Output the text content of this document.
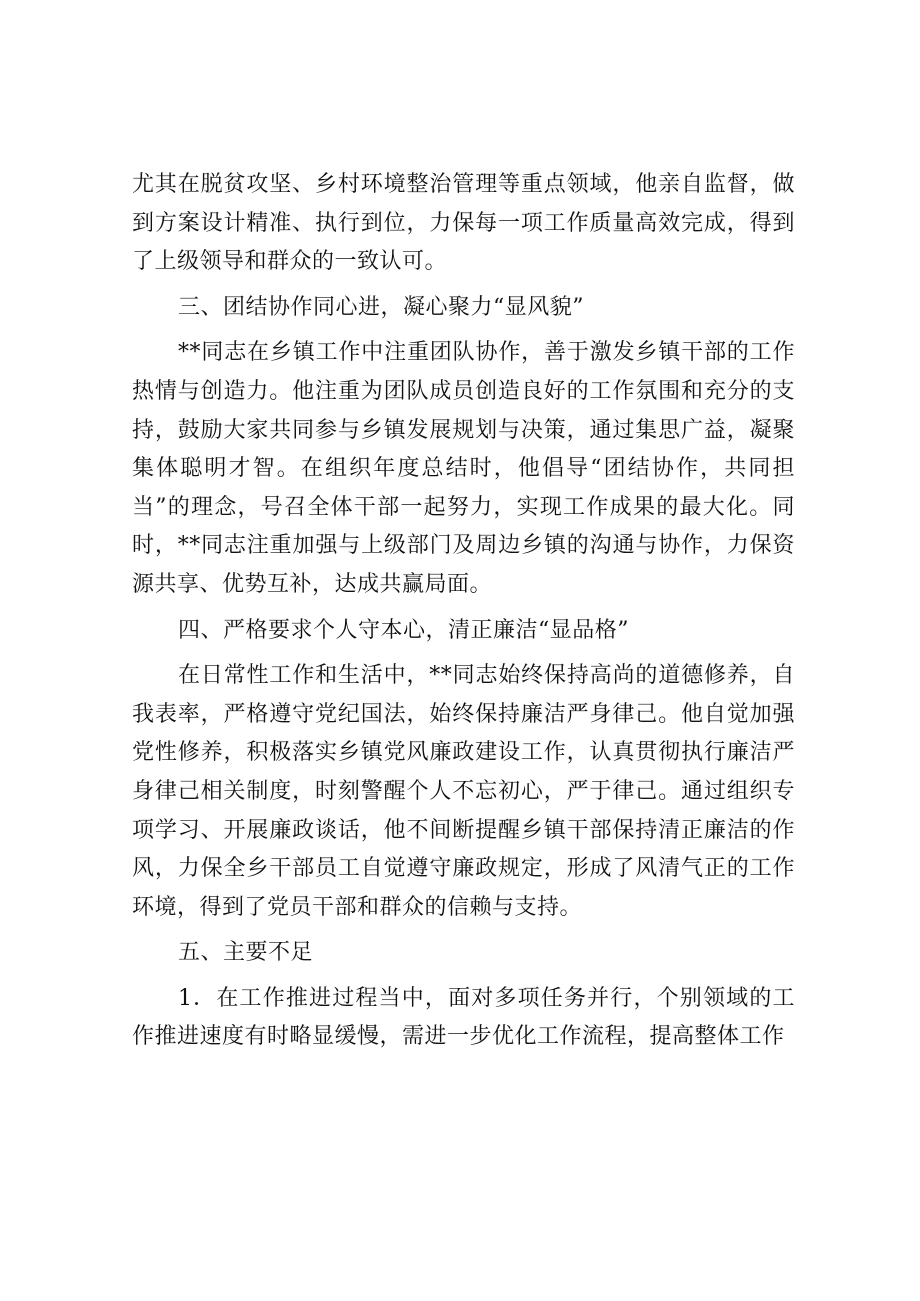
尤其在脱贫攻坚、乡村环境整治管理等重点领域，他亲自监督，做到方案设计精准、执行到位，力保每一项工作质量高效完成，得到了上级领导和群众的一致认可。

三、团结协作同心进，凝心聚力“显风貌”

**同志在乡镇工作中注重团队协作，善于激发乡镇干部的工作热情与创造力。他注重为团队成员创造良好的工作氛围和充分的支持，鼓励大家共同参与乡镇发展规划与决策，通过集思广益，凝聚集体聪明才智。在组织年度总结时，他倡导“团结协作，共同担当”的理念，号召全体干部一起努力，实现工作成果的最大化。同时，**同志注重加强与上级部门及周边乡镇的沟通与协作，力保资源共享、优势互补，达成共赢局面。

四、严格要求个人守本心，清正廉洁“显品格”

在日常性工作和生活中，**同志始终保持高尚的道德修养，自我表率，严格遵守党纪国法，始终保持廉洁严身律己。他自觉加强党性修养，积极落实乡镇党风廉政建设工作，认真贯彻执行廉洁严身律己相关制度，时刻警醒个人不忘初心，严于律己。通过组织专项学习、开展廉政谈话，他不间断提醒乡镇干部保持清正廉洁的作风，力保全乡干部员工自觉遵守廉政规定，形成了风清气正的工作环境，得到了党员干部和群众的信赖与支持。

五、主要不足

1．在工作推进过程当中，面对多项任务并行，个别领域的工作推进速度有时略显缓慢，需进一步优化工作流程，提高整体工作
